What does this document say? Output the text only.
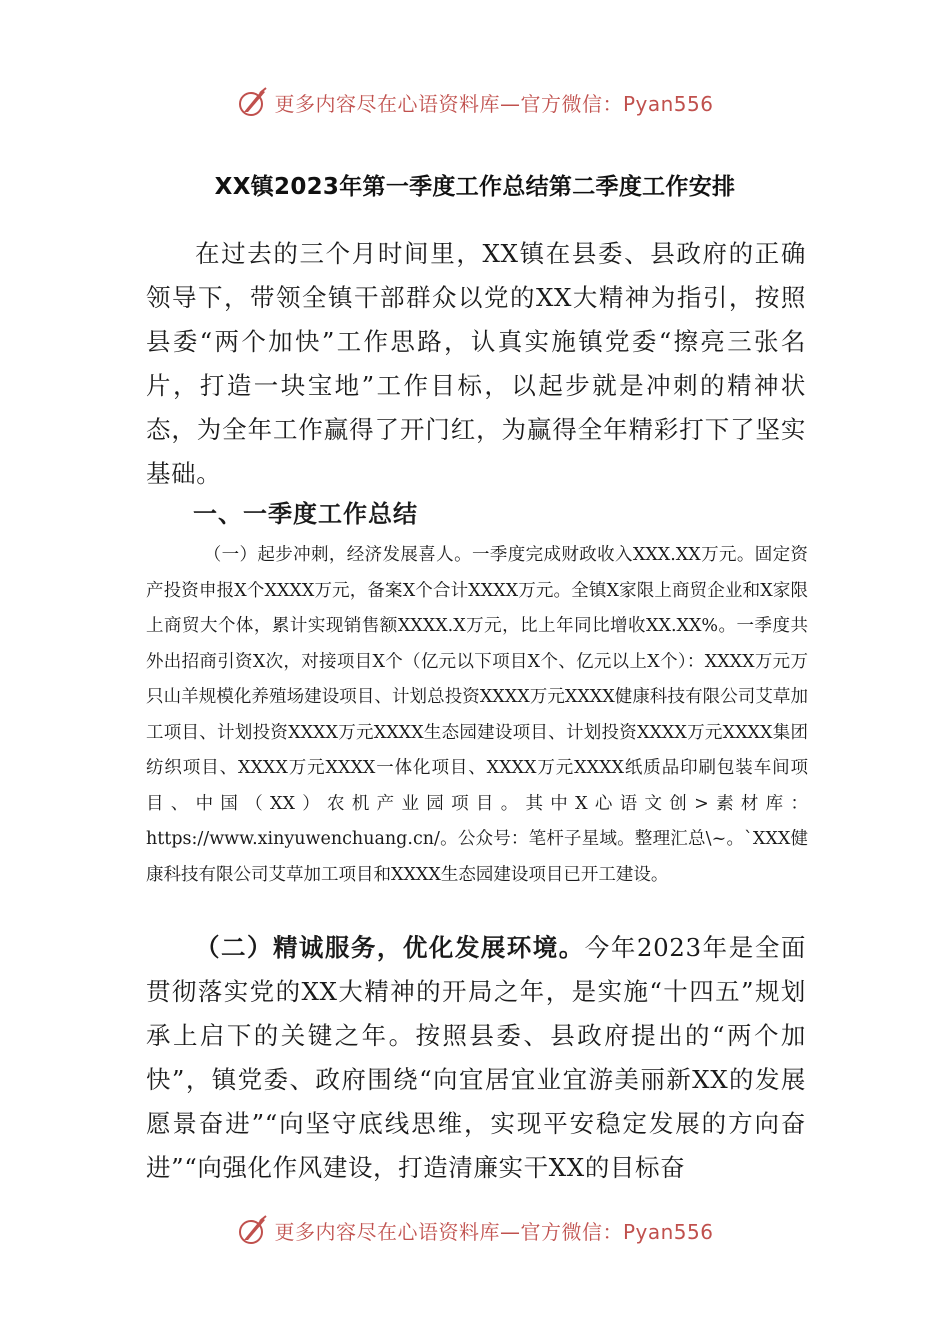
更多内容尽在心语资料库—官方微信：Pyan556
XX镇2023年第一季度工作总结第二季度工作安排

在过去的三个月时间里，XX镇在县委、县政府的正确领导下，带领全镇干部群众以党的XX大精神为指引，按照县委“两个加快”工作思路，认真实施镇党委“擦亮三张名片，打造一块宝地”工作目标，以起步就是冲刺的精神状态，为全年工作赢得了开门红，为赢得全年精彩打下了坚实基础。

一、一季度工作总结

（一）起步冲刺，经济发展喜人。一季度完成财政收入XXX.XX万元。固定资产投资申报X个XXXX万元，备案X个合计XXXX万元。全镇X家限上商贸企业和X家限上商贸大个体，累计实现销售额XXXX.X万元，比上年同比增收XX.XX%。一季度共外出招商引资X次，对接项目X个（亿元以下项目X个、亿元以上X个）：XXXX万元万只山羊规模化养殖场建设项目、计划总投资XXXX万元XXXX健康科技有限公司艾草加工项目、计划投资XXXX万元XXXX生态园建设项目、计划投资XXXX万元XXXX集团纺织项目、XXXX万元XXXX一体化项目、XXXX万元XXXX纸质品印刷包装车间项目、中国（XX）农机产业园项目。其中X心语文创>素材库：https://www.xinyuwenchuang.cn/。公众号：笔杆子星域。整理汇总\~。`XXX健康科技有限公司艾草加工项目和XXXX生态园建设项目已开工建设。

（二）精诚服务，优化发展环境。今年2023年是全面贯彻落实党的XX大精神的开局之年，是实施“十四五”规划承上启下的关键之年。按照县委、县政府提出的“两个加快”，镇党委、政府围绕“向宜居宜业宜游美丽新XX的发展愿景奋进”“向坚守底线思维，实现平安稳定发展的方向奋进”“向强化作风建设，打造清廉实干XX的目标奋

更多内容尽在心语资料库—官方微信：Pyan556
